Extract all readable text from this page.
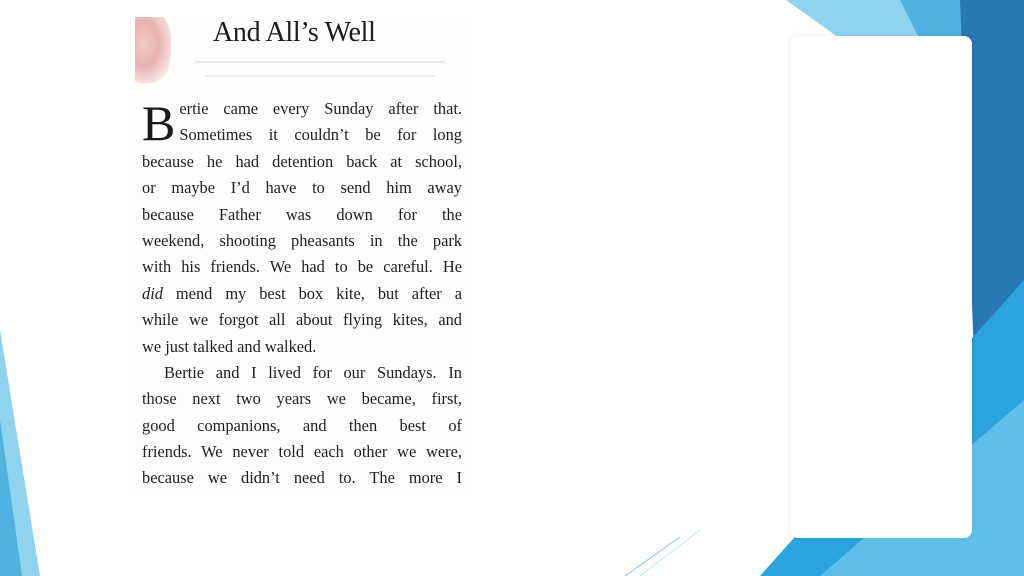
And All’s Well
B ertie came every Sunday after that.
Sometimes it couldn’t be for long
because he had detention back at school,
or maybe I’d have to send him away
because Father was down for the
weekend, shooting pheasants in the park
with his friends. We had to be careful. He
did mend my best box kite, but after a
while we forgot all about flying kites, and
we just talked and walked.
Bertie and I lived for our Sundays. In
those next two years we became, first,
good companions, and then best of
friends. We never told each other we were,
because we didn’t need to. The more I
